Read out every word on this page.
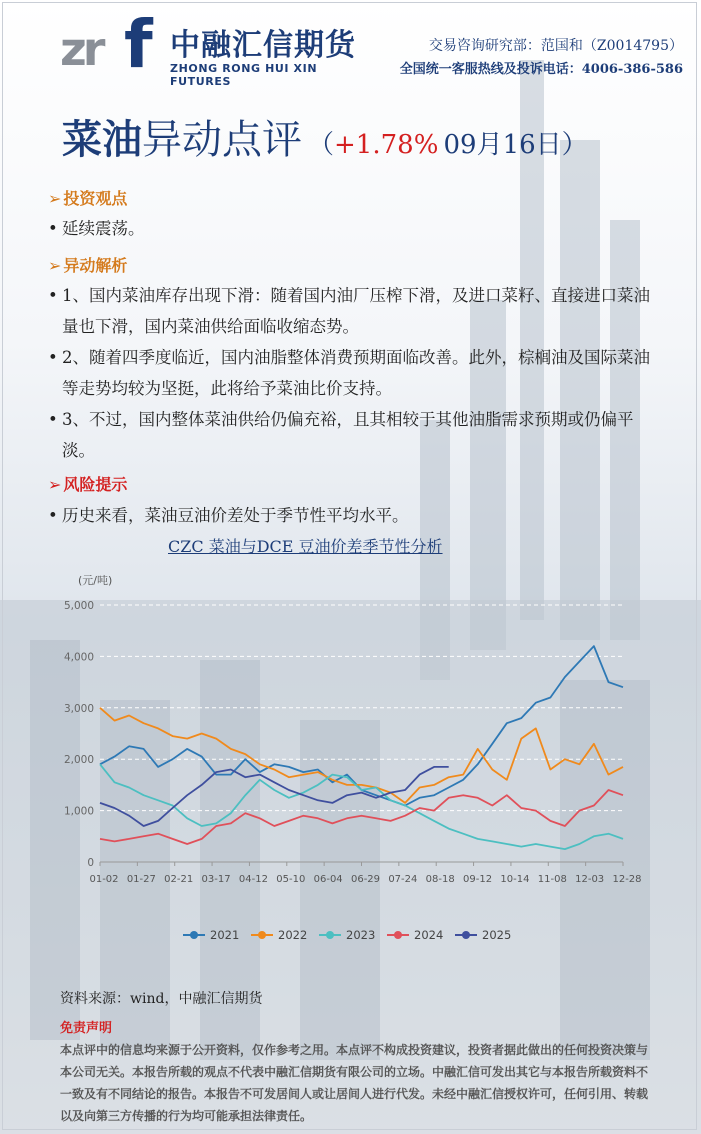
zr f 中融汇信期货
ZHONG RONG HUI XIN FUTURES
交易咨询研究部：范国和（Z0014795）
全国统一客服热线及投诉电话：4006-386-586
菜油异动点评 （+1.78% 09月16日）
➢ 投资观点
• 延续震荡。
➢ 异动解析
• 1、国内菜油库存出现下滑：随着国内油厂压榨下滑，及进口菜籽、直接进口菜油量也下滑，国内菜油供给面临收缩态势。
• 2、随着四季度临近，国内油脂整体消费预期面临改善。此外，棕榈油及国际菜油等走势均较为坚挺，此将给予菜油比价支持。
• 3、不过，国内整体菜油供给仍偏充裕，且其相较于其他油脂需求预期或仍偏平淡。
➢ 风险提示
• 历史来看，菜油豆油价差处于季节性平均水平。
CZC 菜油与DCE 豆油价差季节性分析
(元/吨)
0
1,000
2,000
3,000
4,000
5,000
01-02 01-27 02-21 03-17 04-12 05-10 06-04 06-29 07-24 08-18 09-12 10-14 11-08 12-03 12-28
2021	2022	2023	2024	2025
资料来源：wind，中融汇信期货
免责声明
本点评中的信息均来源于公开资料，仅作参考之用。本点评不构成投资建议，投资者据此做出的任何投资决策与本公司无关。本报告所载的观点不代表中融汇信期货有限公司的立场。中融汇信可发出其它与本报告所载资料不一致及有不同结论的报告。本报告不可发居间人或让居间人进行代发。未经中融汇信授权许可，任何引用、转载以及向第三方传播的行为均可能承担法律责任。
